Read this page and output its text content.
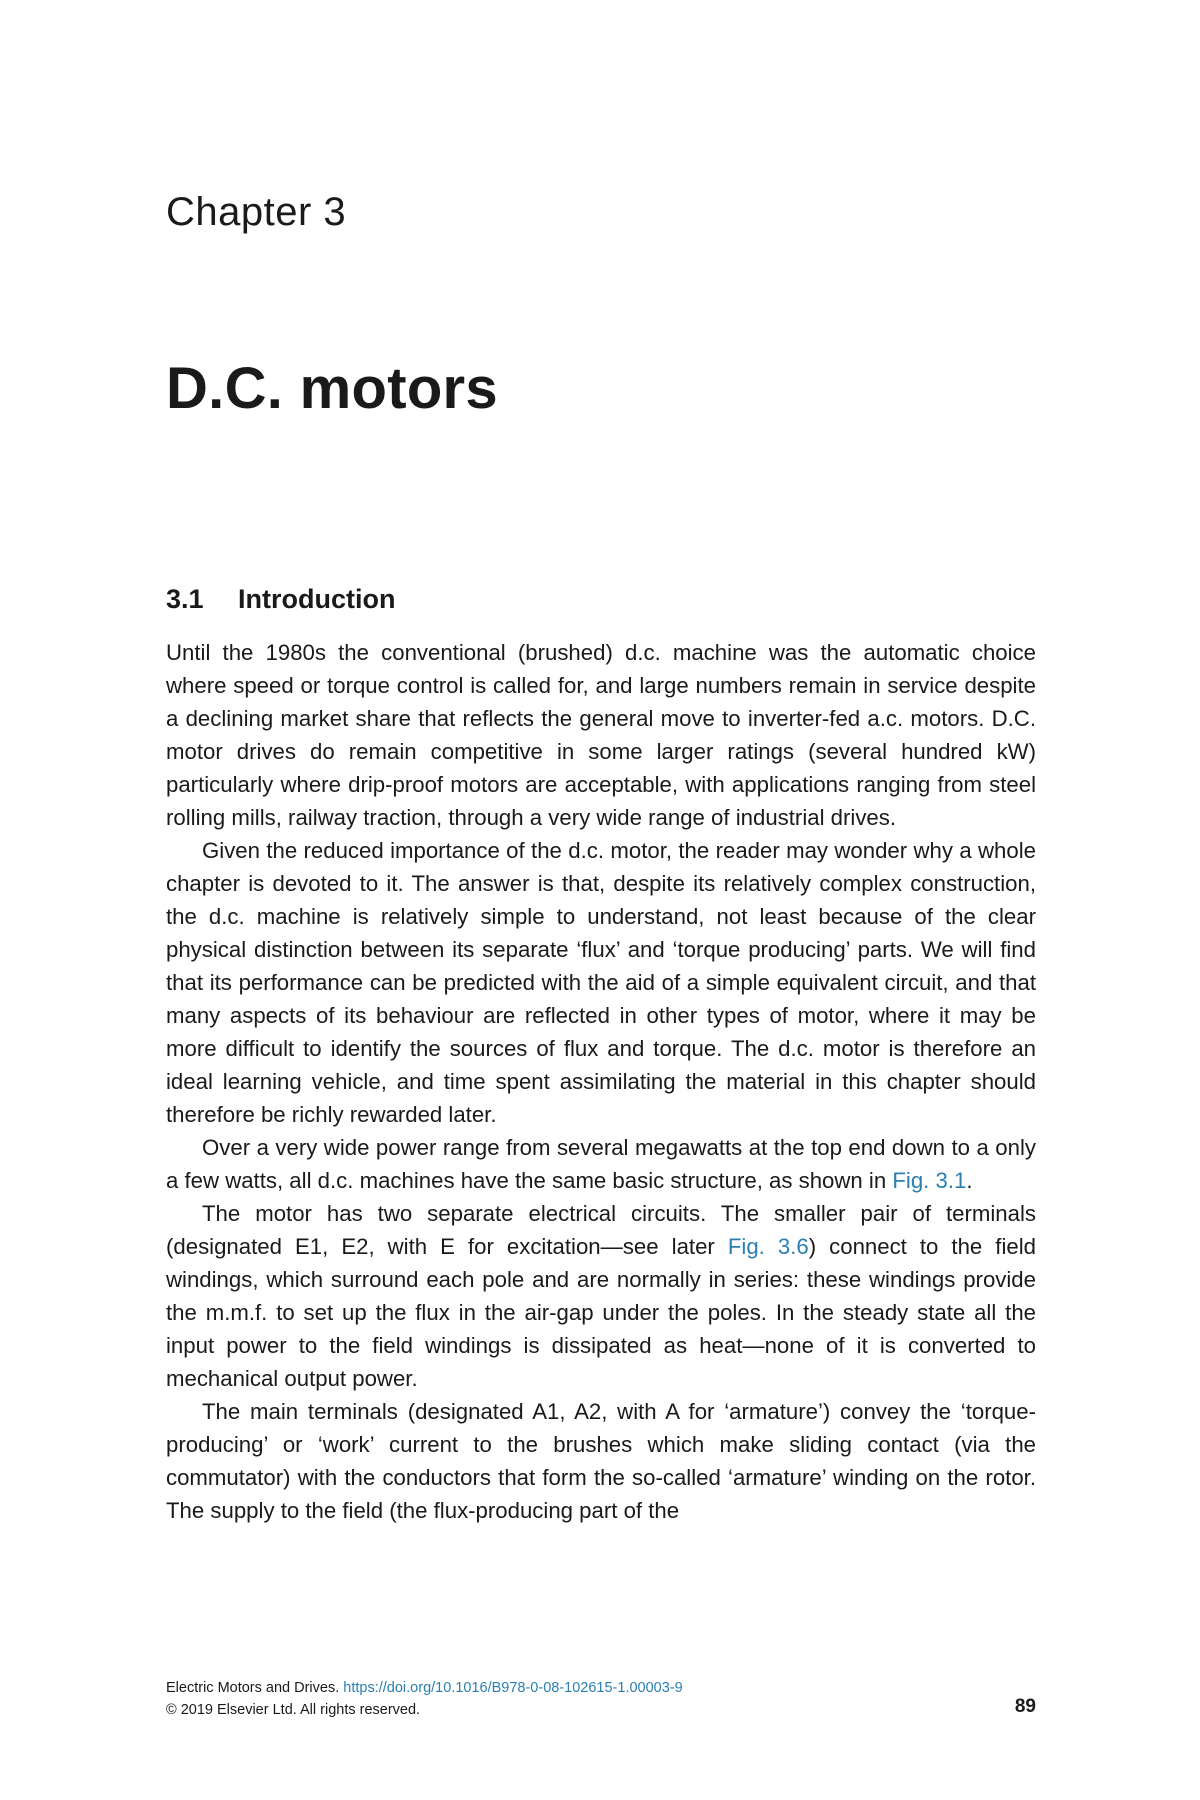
Chapter 3
D.C. motors
3.1 Introduction

Until the 1980s the conventional (brushed) d.c. machine was the automatic choice where speed or torque control is called for, and large numbers remain in service despite a declining market share that reflects the general move to inverter-fed a.c. motors. D.C. motor drives do remain competitive in some larger ratings (several hundred kW) particularly where drip-proof motors are acceptable, with applications ranging from steel rolling mills, railway traction, through a very wide range of industrial drives.

Given the reduced importance of the d.c. motor, the reader may wonder why a whole chapter is devoted to it. The answer is that, despite its relatively complex construction, the d.c. machine is relatively simple to understand, not least because of the clear physical distinction between its separate ‘flux’ and ‘torque producing’ parts. We will find that its performance can be predicted with the aid of a simple equivalent circuit, and that many aspects of its behaviour are reflected in other types of motor, where it may be more difficult to identify the sources of flux and torque. The d.c. motor is therefore an ideal learning vehicle, and time spent assimilating the material in this chapter should therefore be richly rewarded later.

Over a very wide power range from several megawatts at the top end down to a only a few watts, all d.c. machines have the same basic structure, as shown in Fig. 3.1.

The motor has two separate electrical circuits. The smaller pair of terminals (designated E1, E2, with E for excitation—see later Fig. 3.6) connect to the field windings, which surround each pole and are normally in series: these windings provide the m.m.f. to set up the flux in the air-gap under the poles. In the steady state all the input power to the field windings is dissipated as heat—none of it is converted to mechanical output power.

The main terminals (designated A1, A2, with A for ‘armature’) convey the ‘torque-producing’ or ‘work’ current to the brushes which make sliding contact (via the commutator) with the conductors that form the so-called ‘armature’ winding on the rotor. The supply to the field (the flux-producing part of the

Electric Motors and Drives. https://doi.org/10.1016/B978-0-08-102615-1.00003-9
© 2019 Elsevier Ltd. All rights reserved.	89
